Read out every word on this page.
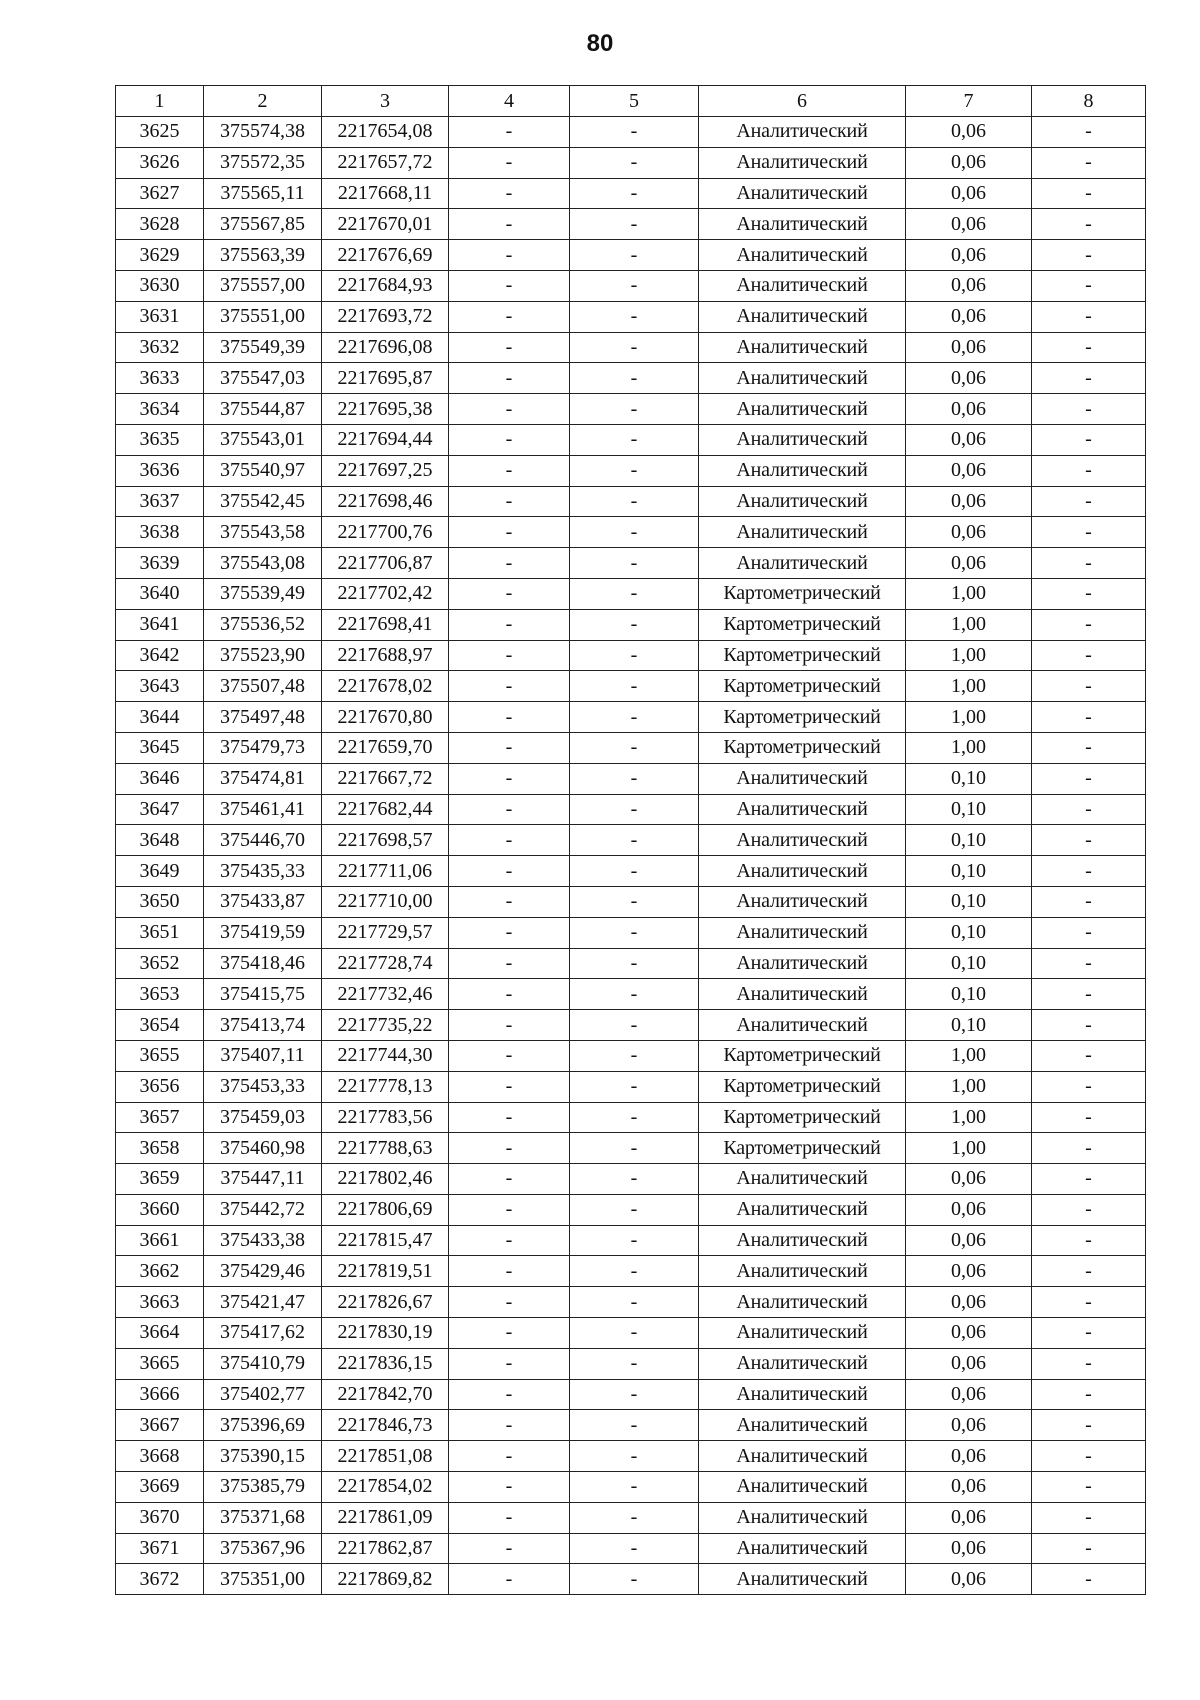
80
1	2	3	4	5	6	7	8
3625	375574,38	2217654,08	-	-	Аналитический	0,06	-
3626	375572,35	2217657,72	-	-	Аналитический	0,06	-
3627	375565,11	2217668,11	-	-	Аналитический	0,06	-
3628	375567,85	2217670,01	-	-	Аналитический	0,06	-
3629	375563,39	2217676,69	-	-	Аналитический	0,06	-
3630	375557,00	2217684,93	-	-	Аналитический	0,06	-
3631	375551,00	2217693,72	-	-	Аналитический	0,06	-
3632	375549,39	2217696,08	-	-	Аналитический	0,06	-
3633	375547,03	2217695,87	-	-	Аналитический	0,06	-
3634	375544,87	2217695,38	-	-	Аналитический	0,06	-
3635	375543,01	2217694,44	-	-	Аналитический	0,06	-
3636	375540,97	2217697,25	-	-	Аналитический	0,06	-
3637	375542,45	2217698,46	-	-	Аналитический	0,06	-
3638	375543,58	2217700,76	-	-	Аналитический	0,06	-
3639	375543,08	2217706,87	-	-	Аналитический	0,06	-
3640	375539,49	2217702,42	-	-	Картометрический	1,00	-
3641	375536,52	2217698,41	-	-	Картометрический	1,00	-
3642	375523,90	2217688,97	-	-	Картометрический	1,00	-
3643	375507,48	2217678,02	-	-	Картометрический	1,00	-
3644	375497,48	2217670,80	-	-	Картометрический	1,00	-
3645	375479,73	2217659,70	-	-	Картометрический	1,00	-
3646	375474,81	2217667,72	-	-	Аналитический	0,10	-
3647	375461,41	2217682,44	-	-	Аналитический	0,10	-
3648	375446,70	2217698,57	-	-	Аналитический	0,10	-
3649	375435,33	2217711,06	-	-	Аналитический	0,10	-
3650	375433,87	2217710,00	-	-	Аналитический	0,10	-
3651	375419,59	2217729,57	-	-	Аналитический	0,10	-
3652	375418,46	2217728,74	-	-	Аналитический	0,10	-
3653	375415,75	2217732,46	-	-	Аналитический	0,10	-
3654	375413,74	2217735,22	-	-	Аналитический	0,10	-
3655	375407,11	2217744,30	-	-	Картометрический	1,00	-
3656	375453,33	2217778,13	-	-	Картометрический	1,00	-
3657	375459,03	2217783,56	-	-	Картометрический	1,00	-
3658	375460,98	2217788,63	-	-	Картометрический	1,00	-
3659	375447,11	2217802,46	-	-	Аналитический	0,06	-
3660	375442,72	2217806,69	-	-	Аналитический	0,06	-
3661	375433,38	2217815,47	-	-	Аналитический	0,06	-
3662	375429,46	2217819,51	-	-	Аналитический	0,06	-
3663	375421,47	2217826,67	-	-	Аналитический	0,06	-
3664	375417,62	2217830,19	-	-	Аналитический	0,06	-
3665	375410,79	2217836,15	-	-	Аналитический	0,06	-
3666	375402,77	2217842,70	-	-	Аналитический	0,06	-
3667	375396,69	2217846,73	-	-	Аналитический	0,06	-
3668	375390,15	2217851,08	-	-	Аналитический	0,06	-
3669	375385,79	2217854,02	-	-	Аналитический	0,06	-
3670	375371,68	2217861,09	-	-	Аналитический	0,06	-
3671	375367,96	2217862,87	-	-	Аналитический	0,06	-
3672	375351,00	2217869,82	-	-	Аналитический	0,06	-
